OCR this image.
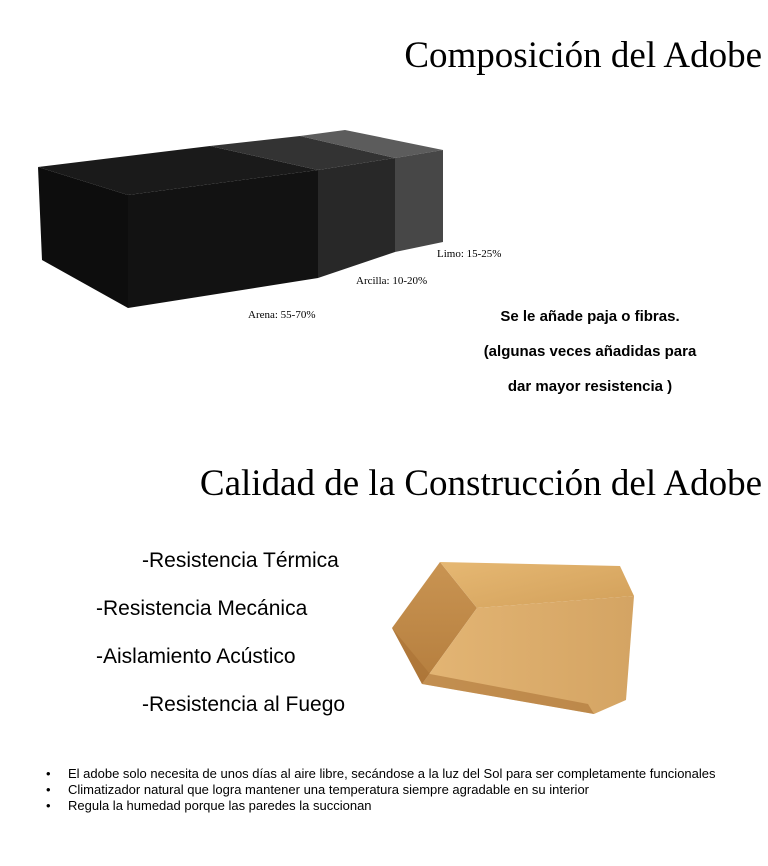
Composición del Adobe
Limo: 15-25%
Arcilla: 10-20%
Arena: 55-70%	Se le añade paja o fibras.
(algunas veces añadidas para
dar mayor resistencia )
Calidad de la Construcción del Adobe
-Resistencia Térmica
-Resistencia Mecánica
-Aislamiento Acústico
-Resistencia al Fuego
• El adobe solo necesita de unos días al aire libre, secándose a la luz del Sol para ser completamente funcionales
• Climatizador natural que logra mantener una temperatura siempre agradable en su interior
• Regula la humedad porque las paredes la succionan
